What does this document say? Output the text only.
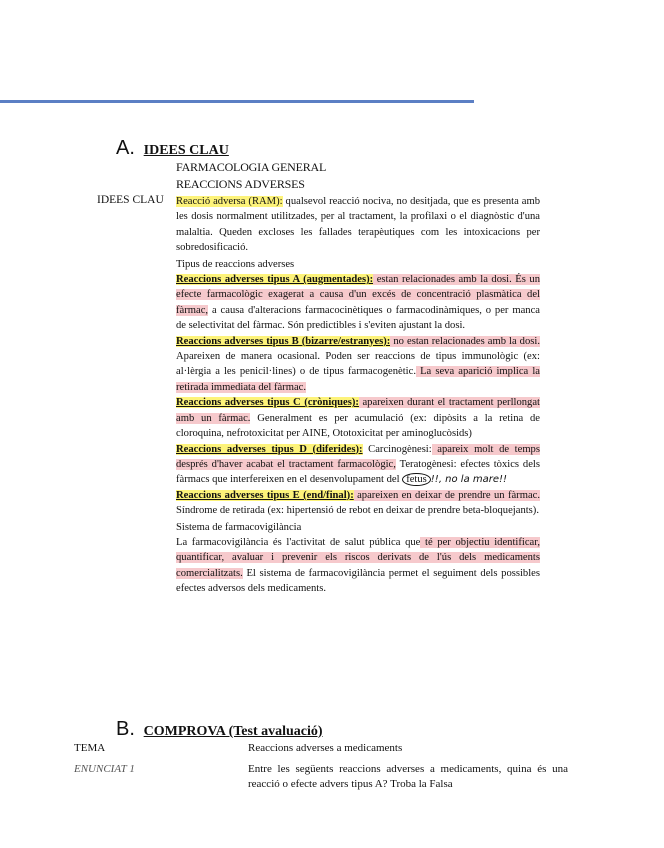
A. IDEES CLAU
FARMACOLOGIA GENERAL
REACCIONS ADVERSES
IDEES CLAU Reacció adversa (RAM): qualsevol reacció nociva, no desitjada, que es presenta amb les dosis normalment utilitzades, per al tractament, la profilaxi o el diagnòstic d'una malaltia. Queden excloses les fallades terapèutiques com les intoxicacions per sobredosificació.

Tipus de reaccions adverses

Reaccions adverses tipus A (augmentades): estan relacionades amb la dosi. És un efecte farmacològic exagerat a causa d'un excés de concentració plasmàtica del fàrmac, a causa d'alteracions farmacocinètiques o farmacodinàmiques, o per manca de selectivitat del fàrmac. Són predictibles i s'eviten ajustant la dosi.

Reaccions adverses tipus B (bizarre/estranyes): no estan relacionades amb la dosi. Apareixen de manera ocasional. Poden ser reaccions de tipus immunològic (ex: al·lèrgia a les penicil·lines) o de tipus farmacogenètic. La seva aparició implica la retirada immediata del fàrmac.

Reaccions adverses tipus C (cròniques): apareixen durant el tractament perllongat amb un fàrmac. Generalment es per acumulació (ex: dipòsits a la retina de cloroquina, nefrotoxicitat per AINE, Ototoxicitat per aminoglucòsids)

Reaccions adverses tipus D (diferides): Carcinogènesi: apareix molt de temps després d'haver acabat el tractament farmacològic, Teratogènesi: efectes tòxics dels fàrmacs que interfereixen en el desenvolupament del fetus !!, no la mare!!

Reaccions adverses tipus E (end/final): apareixen en deixar de prendre un fàrmac. Síndrome de retirada (ex: hipertensió de rebot en deixar de prendre beta-bloquejants).

Sistema de farmacovigilància

La farmacovigilància és l'activitat de salut pública que té per objectiu identificar, quantificar, avaluar i prevenir els riscos derivats de l'ús dels medicaments comercialitzats. El sistema de farmacovigilància permet el seguiment dels possibles efectes adversos dels medicaments.

B. COMPROVA (Test avaluació)
TEMA	Reaccions adverses a medicaments
ENUNCIAT 1	Entre les següents reaccions adverses a medicaments, quina és una reacció o efecte advers tipus A? Troba la Falsa
